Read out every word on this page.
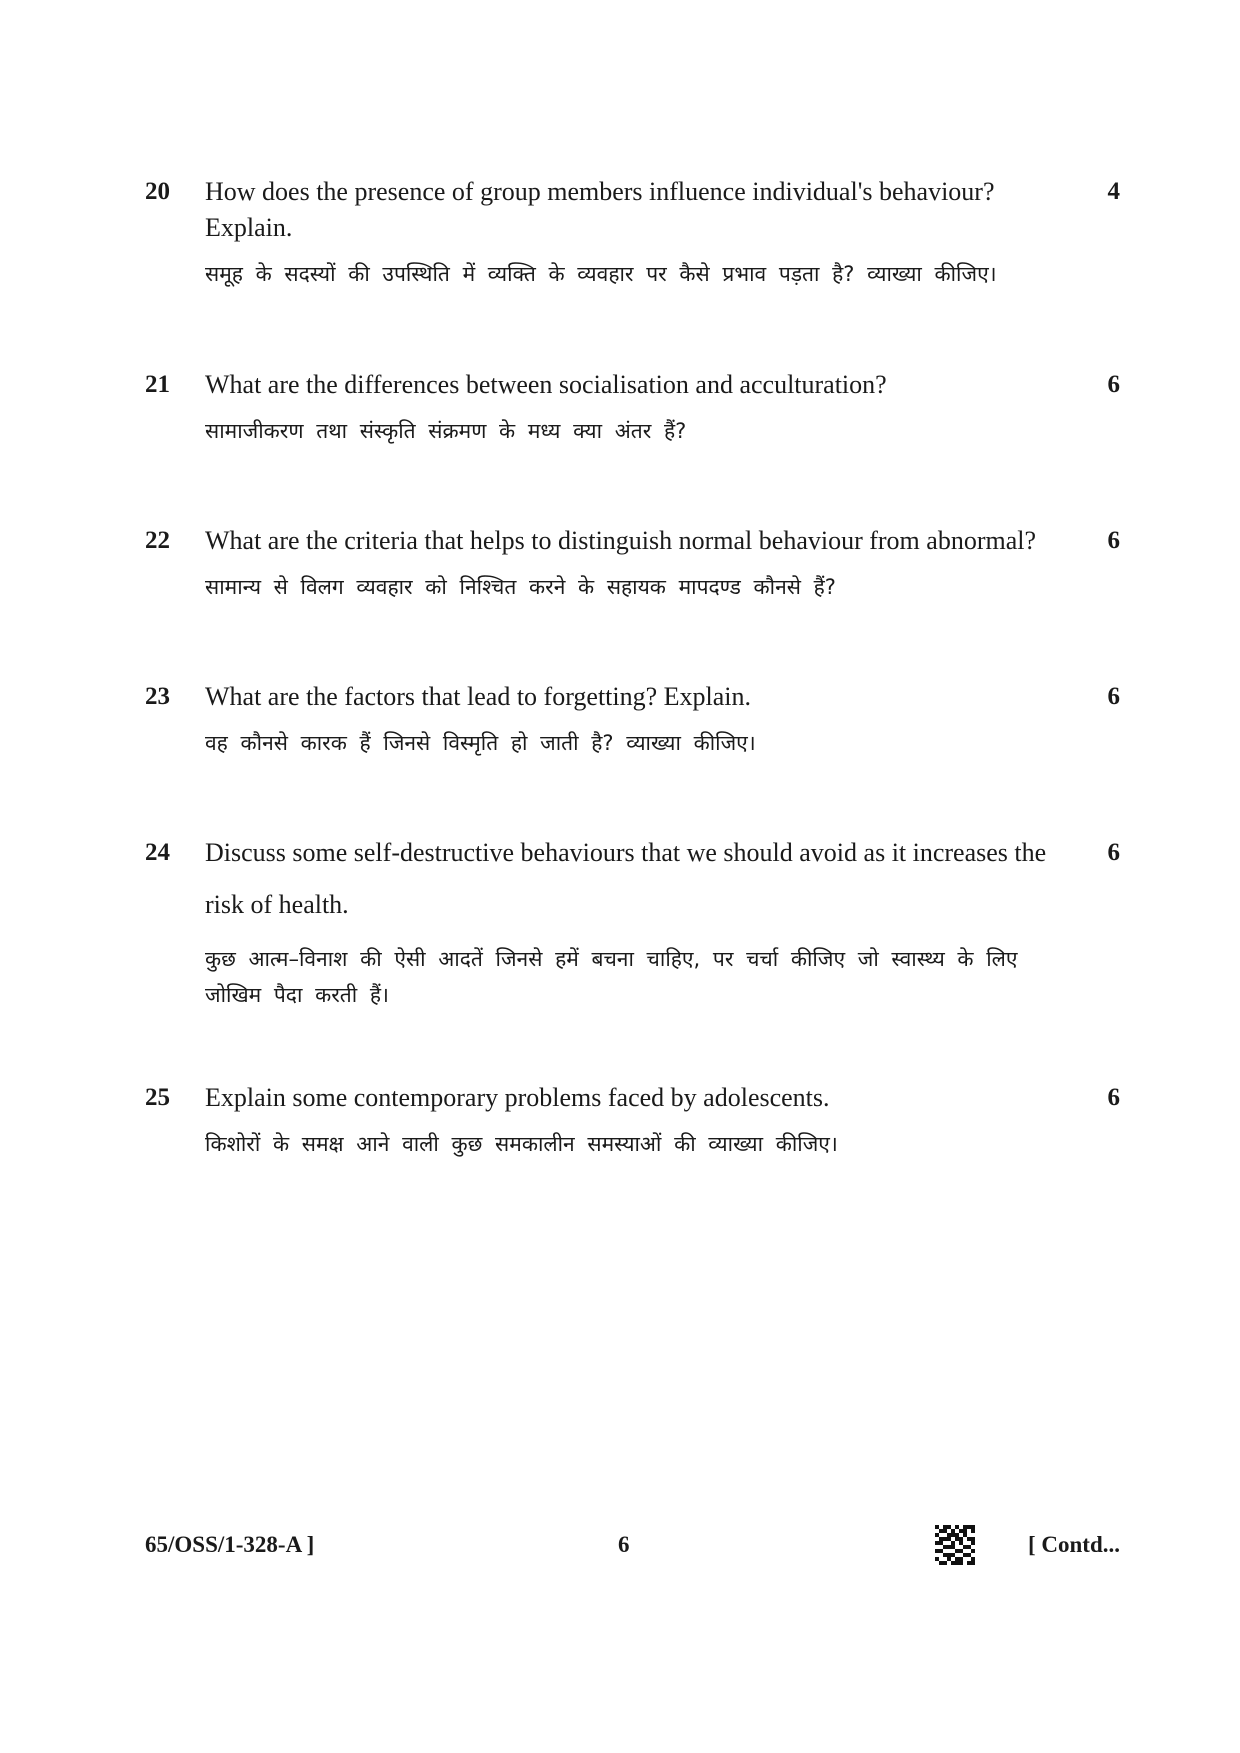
20	4
How does the presence of group members influence individual's behaviour? Explain.
समूह के सदस्यों की उपस्थिति में व्यक्ति के व्यवहार पर कैसे प्रभाव पड़ता है? व्याख्या कीजिए।
21	6
What are the differences between socialisation and acculturation?
सामाजीकरण तथा संस्कृति संक्रमण के मध्य क्या अंतर हैं?
22	6
What are the criteria that helps to distinguish normal behaviour from abnormal?
सामान्य से विलग व्यवहार को निश्चित करने के सहायक मापदण्ड कौनसे हैं?
23	6
What are the factors that lead to forgetting? Explain.
वह कौनसे कारक हैं जिनसे विस्मृति हो जाती है? व्याख्या कीजिए।
24	6
Discuss some self-destructive behaviours that we should avoid as it increases the risk of health.
कुछ आत्म–विनाश की ऐसी आदतें जिनसे हमें बचना चाहिए, पर चर्चा कीजिए जो स्वास्थ्य के लिए जोखिम पैदा करती हैं।
25	6
Explain some contemporary problems faced by adolescents.
किशोरों के समक्ष आने वाली कुछ समकालीन समस्याओं की व्याख्या कीजिए।
65/OSS/1-328-A ]	6	[ Contd...
